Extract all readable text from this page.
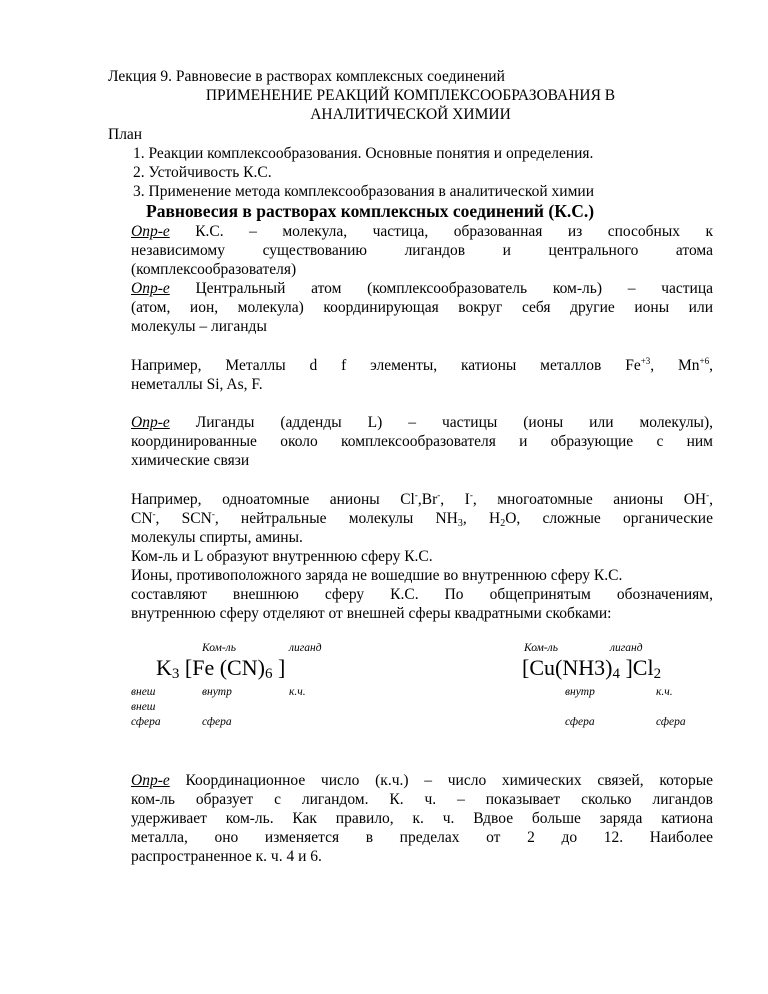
Лекция 9. Равновесие в растворах комплексных соединений
ПРИМЕНЕНИЕ РЕАКЦИЙ КОМПЛЕКСООБРАЗОВАНИЯ В
АНАЛИТИЧЕСКОЙ ХИМИИ
План
1. Реакции комплексообразования. Основные понятия и определения.
2. Устойчивость К.С.
3. Применение метода комплексообразования в аналитической химии
Равновесия в растворах комплексных соединений (К.С.)
Опр-е К.С. – молекула, частица, образованная из способных к
независимому существованию лигандов и центрального атома
(комплексообразователя)
Опр-е Центральный атом (комплексообразователь ком-ль) – частица
(атом, ион, молекула) координирующая вокруг себя другие ионы или
молекулы – лиганды
Например, Металлы d f элементы, катионы металлов $Fe^{+3}$, $Mn^{+6}$,
неметаллы Si, As, F.
Опр-е Лиганды (адденды L) – частицы (ионы или молекулы),
координированные около комплексообразователя и образующие с ним
химические связи
Например, одноатомные анионы Cl-,Br-, I-, многоатомные анионы OH-,
CN-, SCN-, нейтральные молекулы $NH_3$, $H_2O$, сложные органические
молекулы спирты, амины.
Ком-ль и L образуют внутреннюю сферу К.С.
Ионы, противоположного заряда не вошедшие во внутреннюю сферу К.С.
составляют внешнюю сферу К.С. По общепринятым обозначениям,
внутреннюю сферу отделяют от внешней сферы квадратными скобками:
Ком-ль	лиганд
$K_3$ [Fe $(CN)_6$ ]
внеш	внутр	к.ч.
внеш
сфера	сфера
Ком-ль	лиганд
[$Cu(NH3)_4$ ]$Cl_2$
внутр	к.ч.
сфера	сфера
Опр-е Координационное число (к.ч.) – число химических связей, которые
ком-ль образует с лигандом. К. ч. – показывает сколько лигандов
удерживает ком-ль. Как правило, к. ч. Вдвое больше заряда катиона
металла, оно изменяется в пределах от 2 до 12. Наиболее
распространенное к. ч. 4 и 6.
